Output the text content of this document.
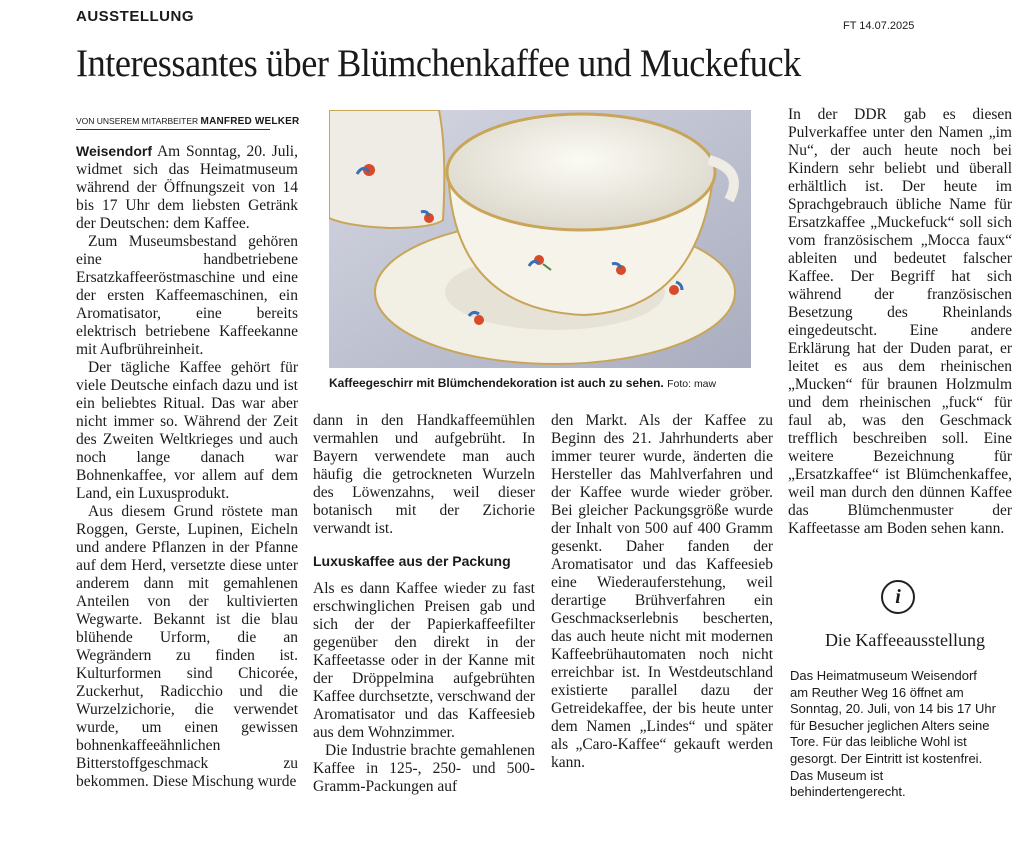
AUSSTELLUNG
FT 14.07.2025
Interessantes über Blümchenkaffee und Muckefuck
VON UNSEREM MITARBEITER MANFRED WELKER

Weisendorf Am Sonntag, 20. Juli, widmet sich das Heimatmuseum während der Öffnungszeit von 14 bis 17 Uhr dem liebsten Getränk der Deutschen: dem Kaffee.

Zum Museumsbestand gehören eine handbetriebene Ersatzkaffeeröstmaschine und eine der ersten Kaffeemaschinen, ein Aromatisator, eine bereits elektrisch betriebene Kaffeekanne mit Aufbrühreinheit.

Der tägliche Kaffee gehört für viele Deutsche einfach dazu und ist ein beliebtes Ritual. Das war aber nicht immer so. Während der Zeit des Zweiten Weltkrieges und auch noch lange danach war Bohnenkaffee, vor allem auf dem Land, ein Luxusprodukt.

Aus diesem Grund röstete man Roggen, Gerste, Lupinen, Eicheln und andere Pflanzen in der Pfanne auf dem Herd, versetzte diese unter anderem dann mit gemahlenen Anteilen von der kultivierten Wegwarte. Bekannt ist die blau blühende Urform, die an Wegrändern zu finden ist. Kulturformen sind Chicorée, Zuckerhut, Radicchio und die Wurzelzichorie, die verwendet wurde, um einen gewissen bohnenkaffeeähnlichen Bitterstoffgeschmack zu bekommen. Diese Mischung wurde

Kaffeegeschirr mit Blümchendekoration ist auch zu sehen. Foto: maw

dann in den Handkaffeemühlen vermahlen und aufgebrüht. In Bayern verwendete man auch häufig die getrockneten Wurzeln des Löwenzahns, weil dieser botanisch mit der Zichorie verwandt ist.

Luxuskaffee aus der Packung

Als es dann Kaffee wieder zu fast erschwinglichen Preisen gab und sich der der Papierkaffeefilter gegenüber den direkt in der Kaffeetasse oder in der Kanne mit der Dröppelmina aufgebrühten Kaffee durchsetzte, verschwand der Aromatisator und das Kaffeesieb aus dem Wohnzimmer.

Die Industrie brachte gemahlenen Kaffee in 125-, 250- und 500-Gramm-Packungen auf

den Markt. Als der Kaffee zu Beginn des 21. Jahrhunderts aber immer teurer wurde, änderten die Hersteller das Mahlverfahren und der Kaffee wurde wieder gröber. Bei gleicher Packungsgröße wurde der Inhalt von 500 auf 400 Gramm gesenkt. Daher fanden der Aromatisator und das Kaffeesieb eine Wiederauferstehung, weil derartige Brühverfahren ein Geschmackserlebnis bescherten, das auch heute nicht mit modernen Kaffeebrühautomaten noch nicht erreichbar ist. In Westdeutschland existierte parallel dazu der Getreidekaffee, der bis heute unter dem Namen „Lindes“ und später als „Caro-Kaffee“ gekauft werden kann.

In der DDR gab es diesen Pulverkaffee unter den Namen „im Nu“, der auch heute noch bei Kindern sehr beliebt und überall erhältlich ist. Der heute im Sprachgebrauch übliche Name für Ersatzkaffee „Muckefuck“ soll sich vom französischem „Mocca faux“ ableiten und bedeutet falscher Kaffee. Der Begriff hat sich während der französischen Besetzung des Rheinlands eingedeutscht. Eine andere Erklärung hat der Duden parat, er leitet es aus dem rheinischen „Mucken“ für braunen Holzmulm und dem rheinischen „fuck“ für faul ab, was den Geschmack trefflich beschreiben soll. Eine weitere Bezeichnung für „Ersatzkaffee“ ist Blümchenkaffee, weil man durch den dünnen Kaffee das Blümchenmuster der Kaffeetasse am Boden sehen kann.

i
Die Kaffeeausstellung
Das Heimatmuseum Weisendorf am Reuther Weg 16 öffnet am Sonntag, 20. Juli, von 14 bis 17 Uhr für Besucher jeglichen Alters seine Tore. Für das leibliche Wohl ist gesorgt. Der Eintritt ist kostenfrei. Das Museum ist behindertengerecht.
